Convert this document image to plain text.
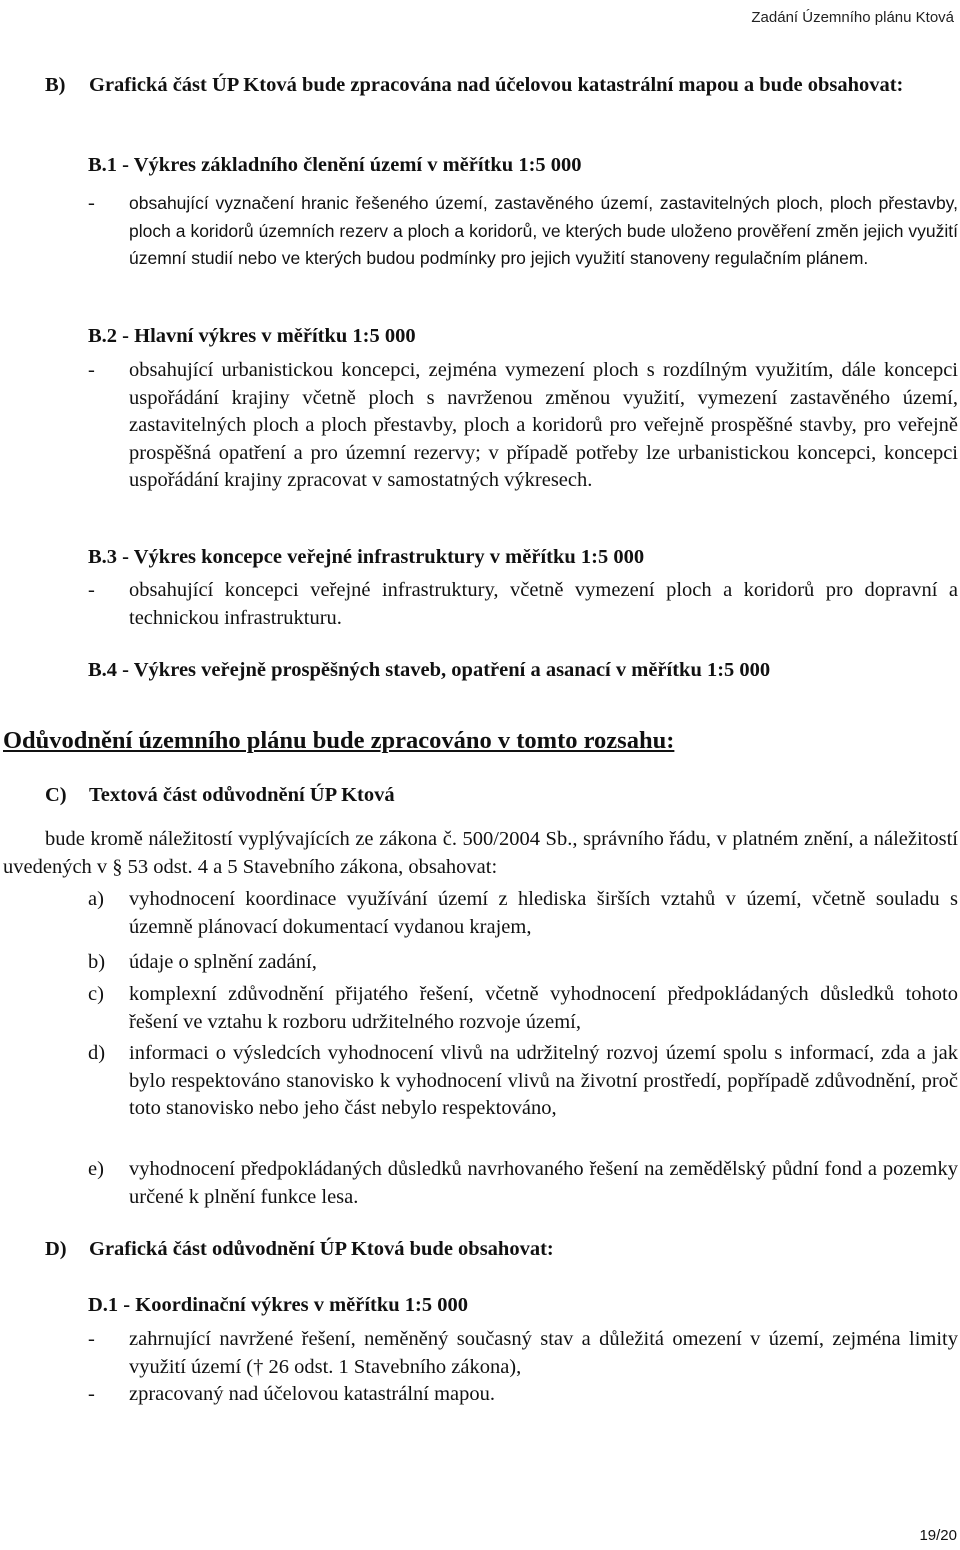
Zadání Územního plánu Ktová
B) Grafická část ÚP Ktová bude zpracována nad účelovou katastrální mapou a bude obsahovat:
B.1 - Výkres základního členění území v měřítku 1:5 000
- obsahující vyznačení hranic řešeného území, zastavěného území, zastavitelných ploch, ploch přestavby, ploch a koridorů územních rezerv a ploch a koridorů, ve kterých bude uloženo prověření změn jejich využití územní studií nebo ve kterých budou podmínky pro jejich využití stanoveny regulačním plánem.
B.2 - Hlavní výkres v měřítku 1:5 000
- obsahující urbanistickou koncepci, zejména vymezení ploch s rozdílným využitím, dále koncepci uspořádání krajiny včetně ploch s navrženou změnou využití, vymezení zastavěného území, zastavitelných ploch a ploch přestavby, ploch a koridorů pro veřejně prospěšné stavby, pro veřejně prospěšná opatření a pro územní rezervy; v případě potřeby lze urbanistickou koncepci, koncepci uspořádání krajiny zpracovat v samostatných výkresech.
B.3 - Výkres koncepce veřejné infrastruktury v měřítku 1:5 000
- obsahující koncepci veřejné infrastruktury, včetně vymezení ploch a koridorů pro dopravní a technickou infrastrukturu.
B.4 - Výkres veřejně prospěšných staveb, opatření a asanací v měřítku 1:5 000
Odůvodnění územního plánu bude zpracováno v tomto rozsahu:
C) Textová část odůvodnění ÚP Ktová
bude kromě náležitostí vyplývajících ze zákona č. 500/2004 Sb., správního řádu, v platném znění, a náležitostí uvedených v § 53 odst. 4 a 5 Stavebního zákona, obsahovat:
a) vyhodnocení koordinace využívání území z hlediska širších vztahů v území, včetně souladu s územně plánovací dokumentací vydanou krajem,
b) údaje o splnění zadání,
c) komplexní zdůvodnění přijatého řešení, včetně vyhodnocení předpokládaných důsledků tohoto řešení ve vztahu k rozboru udržitelného rozvoje území,
d) informaci o výsledcích vyhodnocení vlivů na udržitelný rozvoj území spolu s informací, zda a jak bylo respektováno stanovisko k vyhodnocení vlivů na životní prostředí, popřípadě zdůvodnění, proč toto stanovisko nebo jeho část nebylo respektováno,
e) vyhodnocení předpokládaných důsledků navrhovaného řešení na zemědělský půdní fond a pozemky určené k plnění funkce lesa.
D) Grafická část odůvodnění ÚP Ktová bude obsahovat:
D.1 - Koordinační výkres v měřítku 1:5 000
- zahrnující navržené řešení, neměněný současný stav a důležitá omezení v území, zejména limity využití území († 26 odst. 1 Stavebního zákona),
- zpracovaný nad účelovou katastrální mapou.
19/20
